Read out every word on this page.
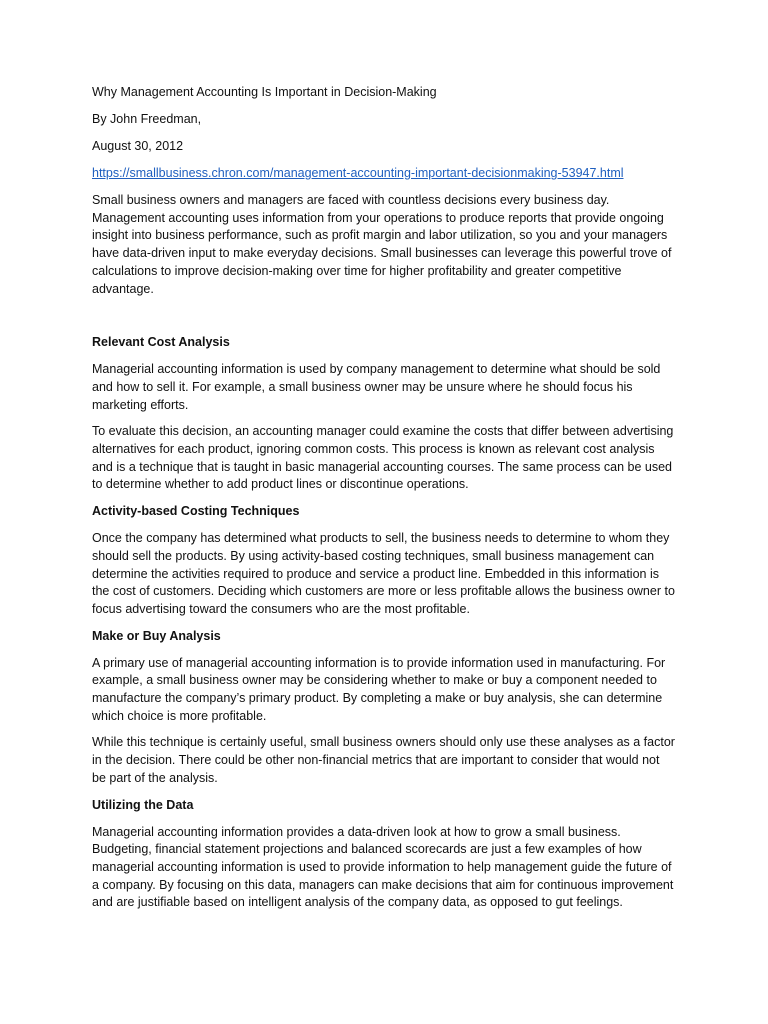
Why Management Accounting Is Important in Decision-Making

By John Freedman,

August 30, 2012

https://smallbusiness.chron.com/management-accounting-important-decisionmaking-53947.html

Small business owners and managers are faced with countless decisions every business day. Management accounting uses information from your operations to produce reports that provide ongoing insight into business performance, such as profit margin and labor utilization, so you and your managers have data-driven input to make everyday decisions. Small businesses can leverage this powerful trove of calculations to improve decision-making over time for higher profitability and greater competitive advantage.

Relevant Cost Analysis

Managerial accounting information is used by company management to determine what should be sold and how to sell it. For example, a small business owner may be unsure where he should focus his marketing efforts.

To evaluate this decision, an accounting manager could examine the costs that differ between advertising alternatives for each product, ignoring common costs. This process is known as relevant cost analysis and is a technique that is taught in basic managerial accounting courses. The same process can be used to determine whether to add product lines or discontinue operations.

Activity-based Costing Techniques

Once the company has determined what products to sell, the business needs to determine to whom they should sell the products. By using activity-based costing techniques, small business management can determine the activities required to produce and service a product line. Embedded in this information is the cost of customers. Deciding which customers are more or less profitable allows the business owner to focus advertising toward the consumers who are the most profitable.

Make or Buy Analysis

A primary use of managerial accounting information is to provide information used in manufacturing. For example, a small business owner may be considering whether to make or buy a component needed to manufacture the company’s primary product. By completing a make or buy analysis, she can determine which choice is more profitable.

While this technique is certainly useful, small business owners should only use these analyses as a factor in the decision. There could be other non-financial metrics that are important to consider that would not be part of the analysis.

Utilizing the Data

Managerial accounting information provides a data-driven look at how to grow a small business. Budgeting, financial statement projections and balanced scorecards are just a few examples of how managerial accounting information is used to provide information to help management guide the future of a company. By focusing on this data, managers can make decisions that aim for continuous improvement and are justifiable based on intelligent analysis of the company data, as opposed to gut feelings.
